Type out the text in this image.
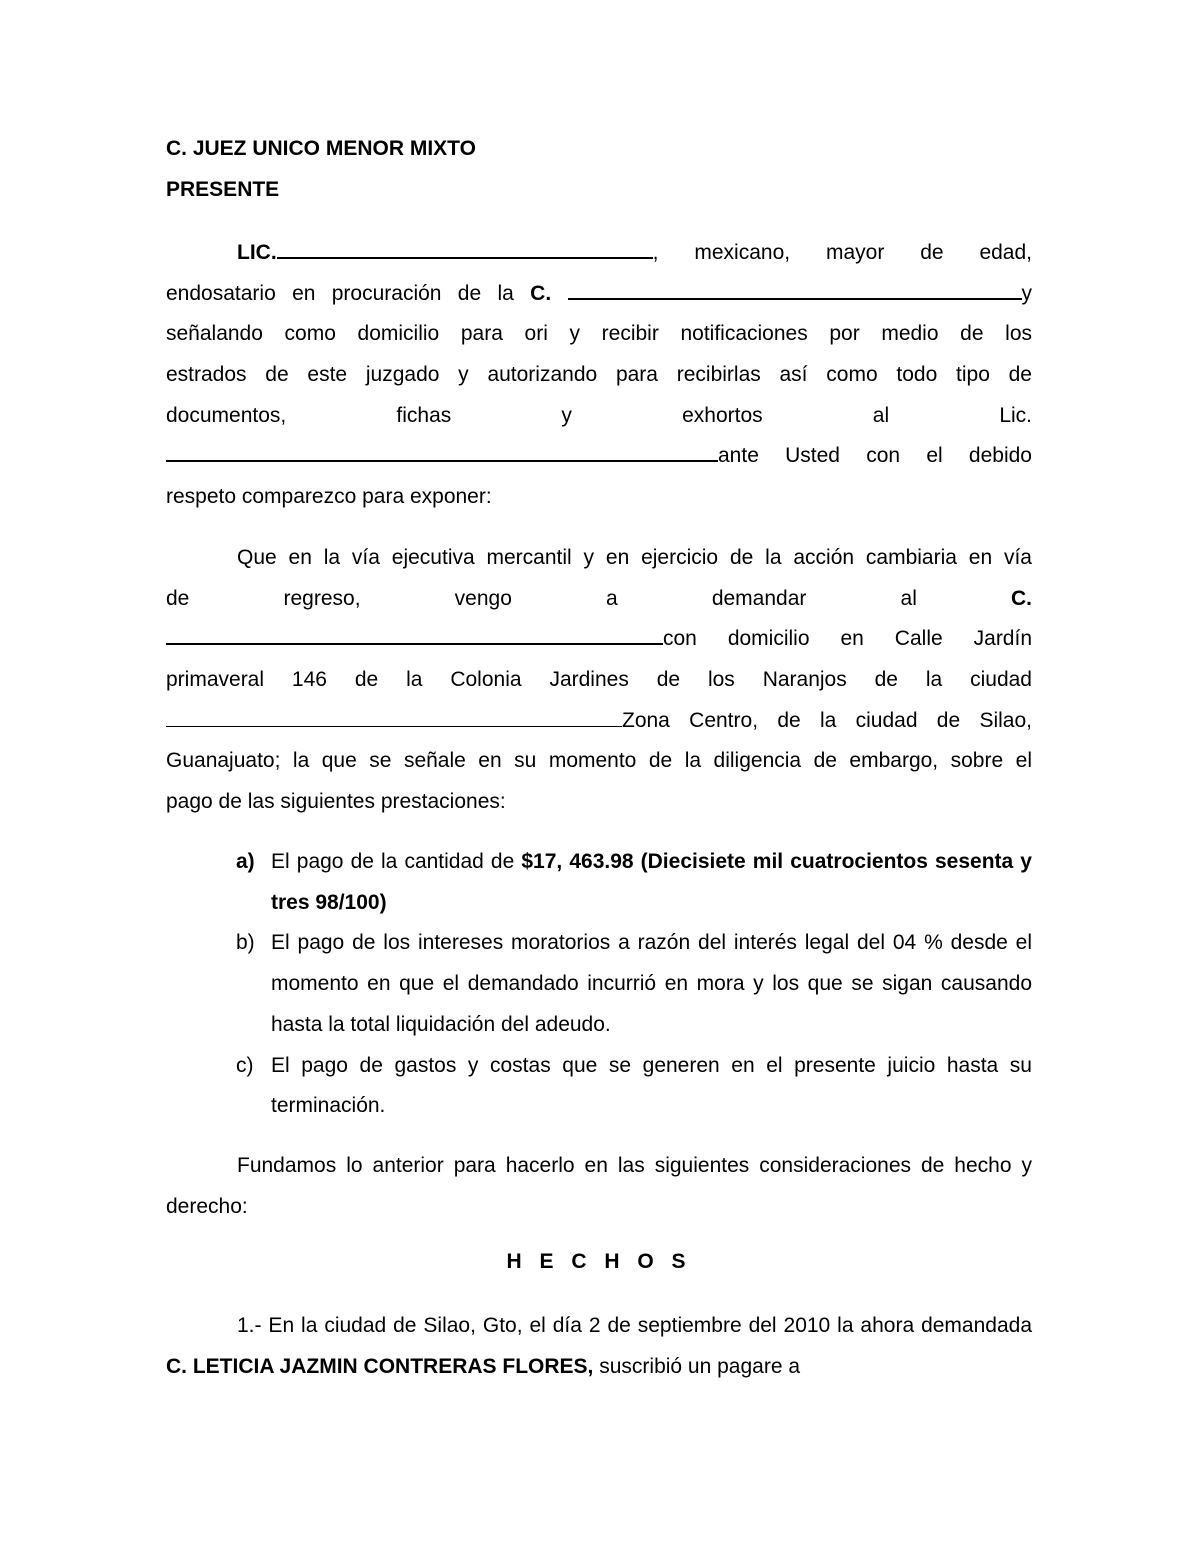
C. JUEZ UNICO MENOR MIXTO
PRESENTE
LIC.	, mexicano, mayor de edad,
endosatario en procuración de la C.	y
señalando como domicilio para ori y recibir notificaciones por medio de los
estrados de este juzgado y autorizando para recibirlas así como todo tipo de
documentos, fichas y exhortos al Lic.
ante Usted con el debido
respeto comparezco para exponer:
Que en la vía ejecutiva mercantil y en ejercicio de la acción cambiaria en vía
de regreso, vengo a demandar al C.
con domicilio en Calle Jardín
primaveral 146 de la Colonia Jardines de los Naranjos de la ciudad
Zona Centro, de la ciudad de Silao,
Guanajuato; la que se señale en su momento de la diligencia de embargo, sobre el
pago de las siguientes prestaciones:
a) El pago de la cantidad de $17, 463.98 (Diecisiete mil cuatrocientos sesenta y tres 98/100)
b) El pago de los intereses moratorios a razón del interés legal del 04 % desde el momento en que el demandado incurrió en mora y los que se sigan causando hasta la total liquidación del adeudo.
c) El pago de gastos y costas que se generen en el presente juicio hasta su terminación.
Fundamos lo anterior para hacerlo en las siguientes consideraciones de hecho y derecho:
H E C H O S
1.- En la ciudad de Silao, Gto, el día 2 de septiembre del 2010 la ahora demandada C. LETICIA JAZMIN CONTRERAS FLORES, suscribió un pagare a
